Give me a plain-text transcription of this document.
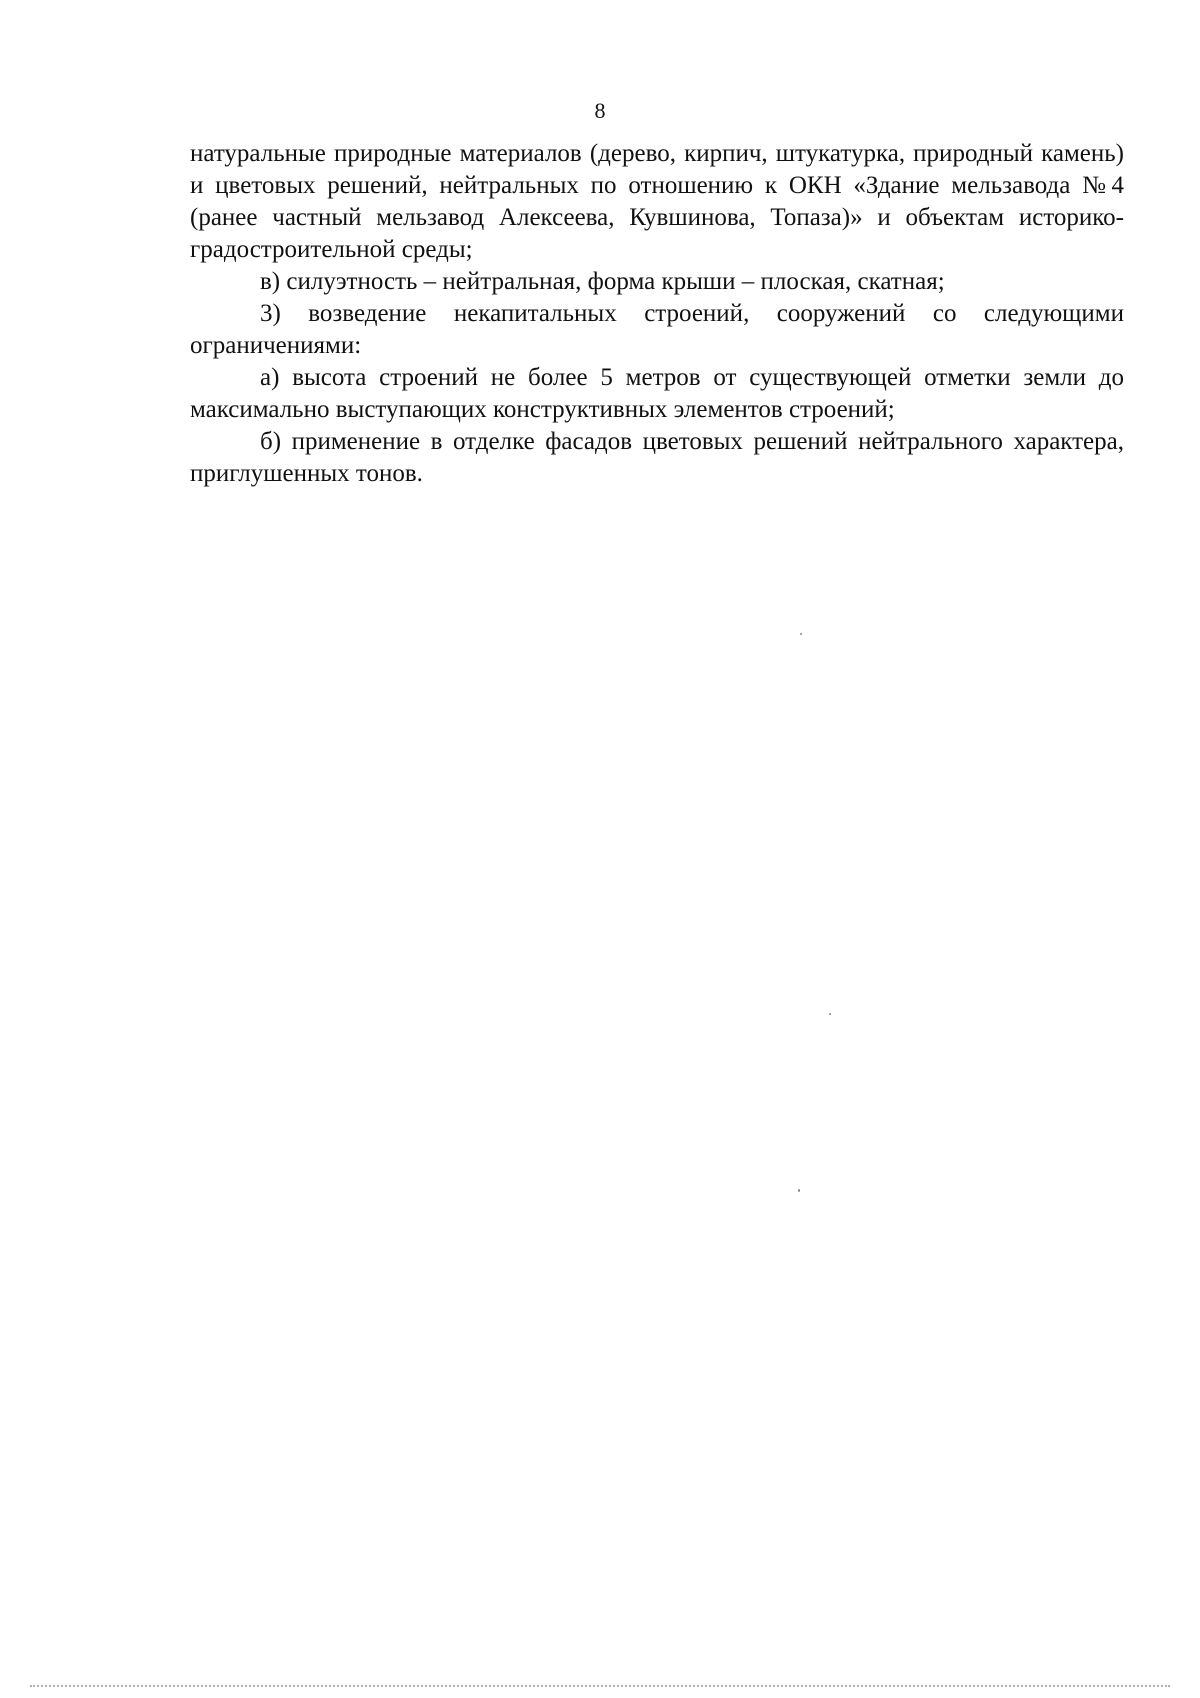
8

натуральные природные материалов (дерево, кирпич, штукатурка, природный камень) и цветовых решений, нейтральных по отношению к ОКН «Здание мельзавода №4 (ранее частный мельзавод Алексеева, Кувшинова, Топаза)» и объектам историко-градостроительной среды;

в) силуэтность – нейтральная, форма крыши – плоская, скатная;

3) возведение некапитальных строений, сооружений со следующими ограничениями:

а) высота строений не более 5 метров от существующей отметки земли до максимально выступающих конструктивных элементов строений;

б) применение в отделке фасадов цветовых решений нейтрального характера, приглушенных тонов.
